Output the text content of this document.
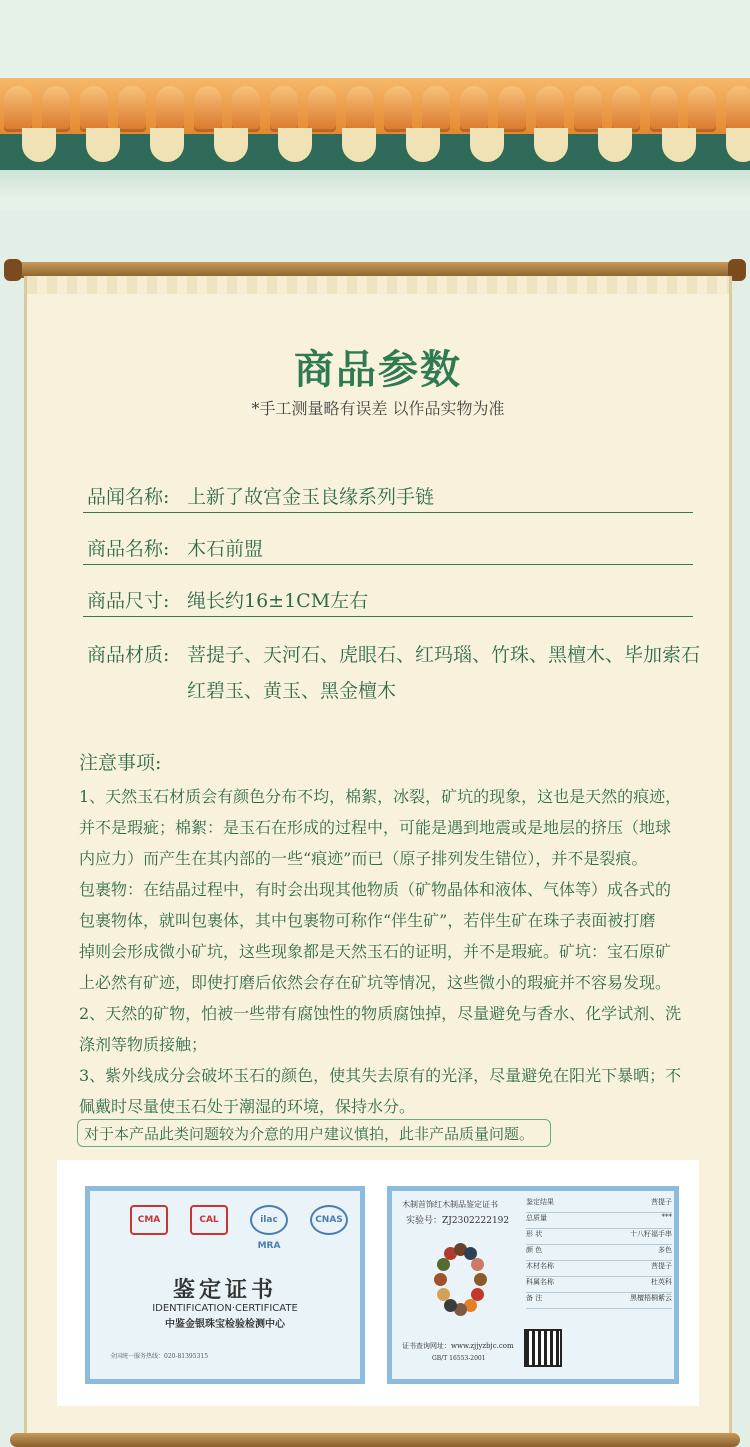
商品参数
*手工测量略有误差 以作品实物为准
品闻名称: 上新了故宫金玉良缘系列手链
商品名称: 木石前盟
商品尺寸: 绳长约16±1CM左右
商品材质: 菩提子、天河石、虎眼石、红玛瑙、竹珠、黑檀木、毕加索石
红碧玉、黄玉、黑金檀木
注意事项:
1、天然玉石材质会有颜色分布不均，棉絮，冰裂，矿坑的现象，这也是天然的痕迹，
并不是瑕疵；棉絮：是玉石在形成的过程中，可能是遇到地震或是地层的挤压（地球
内应力）而产生在其内部的一些“痕迹”而已（原子排列发生错位），并不是裂痕。
包裹物：在结晶过程中，有时会出现其他物质（矿物晶体和液体、气体等）成各式的
包裹物体，就叫包裹体，其中包裹物可称作“伴生矿”，若伴生矿在珠子表面被打磨
掉则会形成微小矿坑，这些现象都是天然玉石的证明，并不是瑕疵。矿坑：宝石原矿
上必然有矿迹，即使打磨后依然会存在矿坑等情况，这些微小的瑕疵并不容易发现。
2、天然的矿物，怕被一些带有腐蚀性的物质腐蚀掉，尽量避免与香水、化学试剂、洗
涤剂等物质接触；
3、紫外线成分会破坏玉石的颜色，使其失去原有的光泽，尽量避免在阳光下暴晒；不
佩戴时尽量使玉石处于潮湿的环境，保持水分。
对于本产品此类问题较为介意的用户建议慎拍，此非产品质量问题。
CMA	CAL	ilac MRA
CNAS
鉴定证书
IDENTIFICATION·CERTIFICATE
中鉴金银珠宝检验检测中心
全国统一服务热线：020-81395315
木制首饰红木制品鉴定证书
实验号：ZJ2302222192
鉴定结果	菩提子
总质量	***
形 状	十八籽福手串
颜 色	多色
木材名称	菩提子
科属名称	杜英科
备 注	黑檀梧桐紫云
证书查询网址：www.zjjyzbjc.com
GB/T 16553-2001
